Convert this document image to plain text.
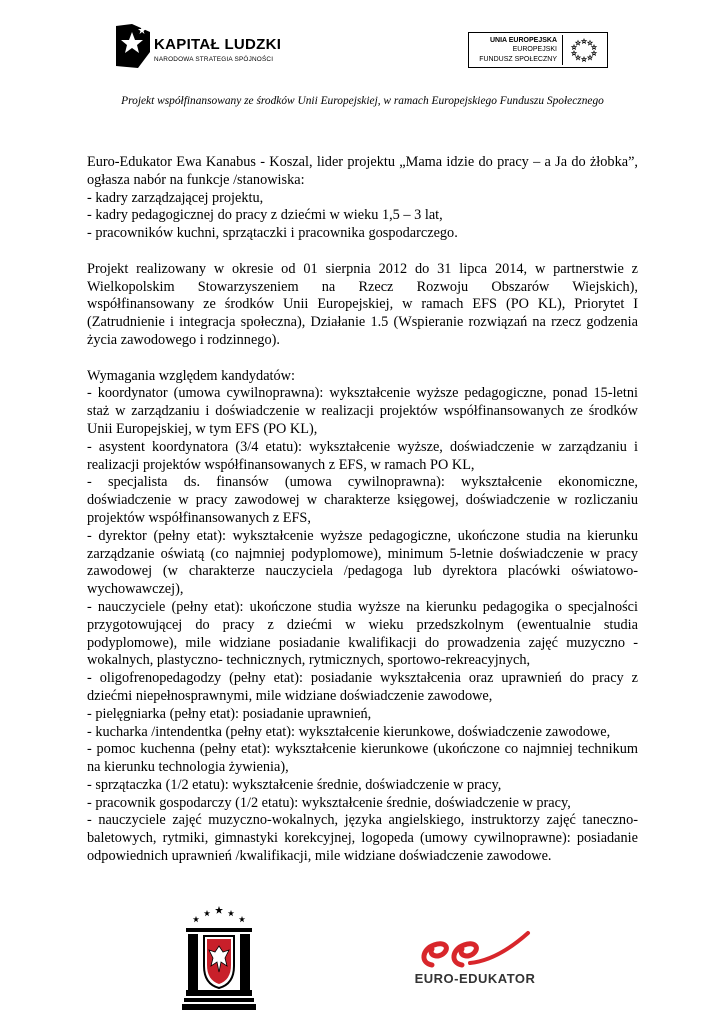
KAPITAŁ LUDZKI
NARODOWA STRATEGIA SPÓJNOŚCI
UNIA EUROPEJSKA
EUROPEJSKI
FUNDUSZ SPOŁECZNY
Projekt współfinansowany ze środków Unii Europejskiej, w ramach Europejskiego Funduszu Społecznego

Euro-Edukator Ewa Kanabus - Koszal, lider projektu „Mama idzie do pracy – a Ja do żłobka”,

ogłasza nabór na funkcje /stanowiska:

- kadry zarządzającej projektu,

- kadry pedagogicznej do pracy z dziećmi w wieku 1,5 – 3 lat,

- pracowników kuchni, sprzątaczki i pracownika gospodarczego.

Projekt realizowany w okresie od 01 sierpnia 2012 do 31 lipca 2014, w partnerstwie z

Wielkopolskim Stowarzyszeniem na Rzecz Rozwoju Obszarów Wiejskich),

współfinansowany ze środków Unii Europejskiej, w ramach EFS (PO KL), Priorytet I

(Zatrudnienie i integracja społeczna), Działanie 1.5 (Wspieranie rozwiązań na rzecz godzenia

życia zawodowego i rodzinnego).

Wymagania względem kandydatów:

- koordynator (umowa cywilnoprawna): wykształcenie wyższe pedagogiczne, ponad 15-letni

staż w zarządzaniu i doświadczenie w realizacji projektów współfinansowanych ze środków

Unii Europejskiej, w tym EFS (PO KL),

- asystent koordynatora (3/4 etatu): wykształcenie wyższe, doświadczenie w zarządzaniu i

realizacji projektów współfinansowanych z EFS, w ramach PO KL,

- specjalista ds. finansów (umowa cywilnoprawna): wykształcenie ekonomiczne,

doświadczenie w pracy zawodowej w charakterze księgowej, doświadczenie w rozliczaniu

projektów współfinansowanych z EFS,

- dyrektor (pełny etat): wykształcenie wyższe pedagogiczne, ukończone studia na kierunku

zarządzanie oświatą (co najmniej podyplomowe), minimum 5-letnie doświadczenie w pracy

zawodowej (w charakterze nauczyciela /pedagoga lub dyrektora placówki oświatowo-

wychowawczej),

- nauczyciele (pełny etat): ukończone studia wyższe na kierunku pedagogika o specjalności

przygotowującej do pracy z dziećmi w wieku przedszkolnym (ewentualnie studia

podyplomowe), mile widziane posiadanie kwalifikacji do prowadzenia zajęć muzyczno -

wokalnych, plastyczno- technicznych, rytmicznych, sportowo-rekreacyjnych,

- oligofrenopedagodzy (pełny etat): posiadanie wykształcenia oraz uprawnień do pracy z

dziećmi niepełnosprawnymi, mile widziane doświadczenie zawodowe,

- pielęgniarka (pełny etat): posiadanie uprawnień,

- kucharka /intendentka (pełny etat): wykształcenie kierunkowe, doświadczenie zawodowe,

- pomoc kuchenna (pełny etat): wykształcenie kierunkowe (ukończone co najmniej technikum

na kierunku technologia żywienia),

- sprzątaczka (1/2 etatu): wykształcenie średnie, doświadczenie w pracy,

- pracownik gospodarczy (1/2 etatu): wykształcenie średnie, doświadczenie w pracy,

- nauczyciele zajęć muzyczno-wokalnych, języka angielskiego, instruktorzy zajęć taneczno-

baletowych, rytmiki, gimnastyki korekcyjnej, logopeda (umowy cywilnoprawne): posiadanie

odpowiednich uprawnień /kwalifikacji, mile widziane doświadczenie zawodowe.

EURO-EDUKATOR
